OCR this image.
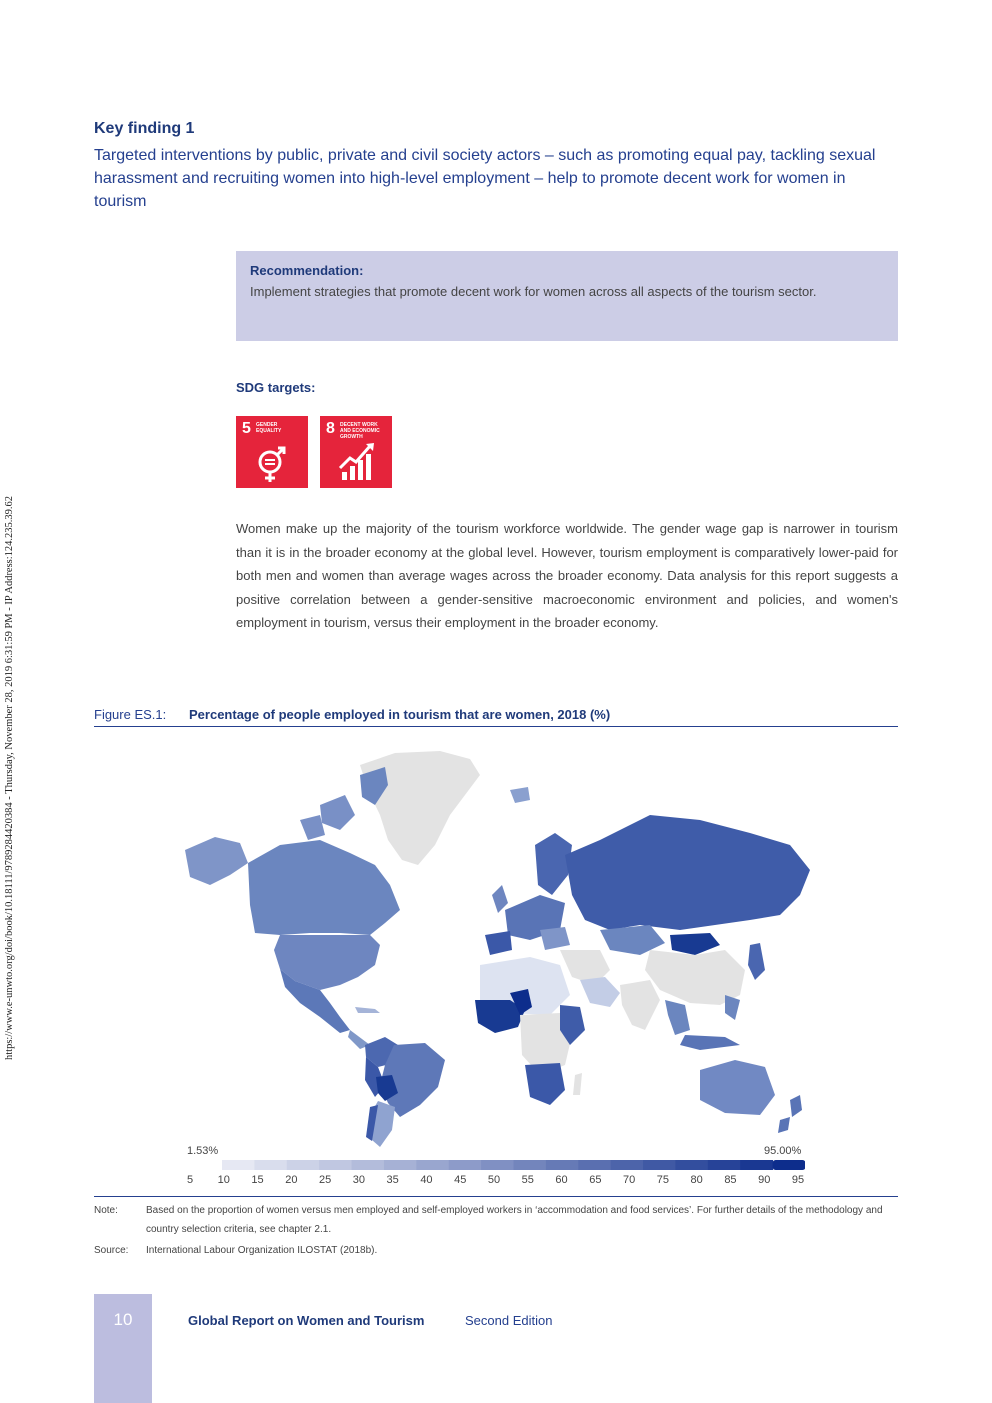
https://www.e-unwto.org/doi/book/10.18111/9789284420384 - Thursday, November 28, 2019 6:31:59 PM - IP Address:124.235.39.62
Key finding 1
Targeted interventions by public, private and civil society actors – such as promoting equal pay, tackling sexual harassment and recruiting women into high-level employment – help to promote decent work for women in tourism
Recommendation:
Implement strategies that promote decent work for women across all aspects of the tourism sector.
SDG targets:
5 GENDER EQUALITY	8 DECENT WORK AND ECONOMIC GROWTH
Women make up the majority of the tourism workforce worldwide. The gender wage gap is narrower in tourism than it is in the broader economy at the global level. However, tourism employment is comparatively lower-paid for both men and women than average wages across the broader economy. Data analysis for this report suggests a positive correlation between a gender-sensitive macroeconomic environment and policies, and women's employment in tourism, versus their employment in the broader economy.
Figure ES.1: Percentage of people employed in tourism that are women, 2018 (%)
1.53%	95.00%
5 10 15 20 25 30 35 40 45 50 55 60 65 70 75 80 85 90 95
Note:	Based on the proportion of women versus men employed and self-employed workers in ‘accommodation and food services’. For further details of the methodology and country selection criteria, see chapter 2.1.
Source:	International Labour Organization ILOSTAT (2018b).
10	Global Report on Women and Tourism	Second Edition
